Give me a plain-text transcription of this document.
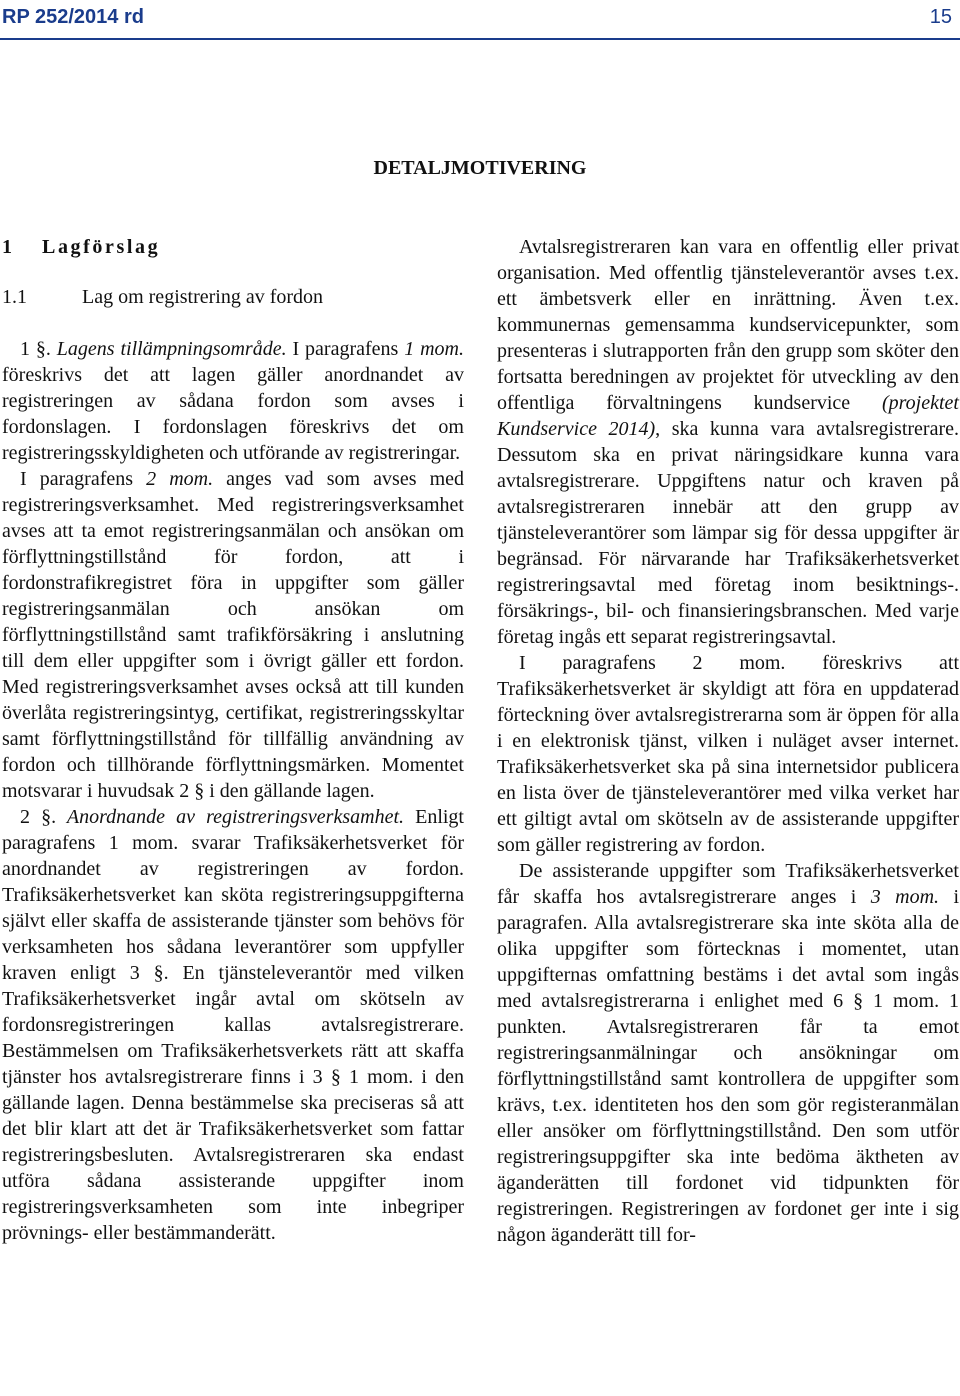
RP 252/2014 rd	15
DETALJMOTIVERING
1 Lagförslag
1.1	Lag om registrering av fordon

1 §. Lagens tillämpningsområde. I paragrafens 1 mom. föreskrivs det att lagen gäller anordnandet av registreringen av sådana fordon som avses i fordonslagen. I fordonslagen föreskrivs det om registreringsskyldigheten och utförande av registreringar.

I paragrafens 2 mom. anges vad som avses med registreringsverksamhet. Med registreringsverksamhet avses att ta emot registreringsanmälan och ansökan om förflyttningstillstånd för fordon, att i fordonstrafikregistret föra in uppgifter som gäller registreringsanmälan och ansökan om förflyttningstillstånd samt trafikförsäkring i anslutning till dem eller uppgifter som i övrigt gäller ett fordon. Med registreringsverksamhet avses också att till kunden överlåta registreringsintyg, certifikat, registreringsskyltar samt förflyttningstillstånd för tillfällig användning av fordon och tillhörande förflyttningsmärken. Momentet motsvarar i huvudsak 2 § i den gällande lagen.

2 §. Anordnande av registreringsverksamhet. Enligt paragrafens 1 mom. svarar Trafiksäkerhetsverket för anordnandet av registreringen av fordon. Trafiksäkerhetsverket kan sköta registreringsuppgifterna självt eller skaffa de assisterande tjänster som behövs för verksamheten hos sådana leverantörer som uppfyller kraven enligt 3 §. En tjänsteleverantör med vilken Trafiksäkerhetsverket ingår avtal om skötseln av fordonsregistreringen kallas avtalsregistrerare. Bestämmelsen om Trafiksäkerhetsverkets rätt att skaffa tjänster hos avtalsregistrerare finns i 3 § 1 mom. i den gällande lagen. Denna bestämmelse ska preciseras så att det blir klart att det är Trafiksäkerhetsverket som fattar registreringsbesluten. Avtalsregistreraren ska endast utföra sådana assisterande uppgifter inom registreringsverksamheten som inte inbegriper prövnings- eller bestämmanderätt.

Avtalsregistreraren kan vara en offentlig eller privat organisation. Med offentlig tjänsteleverantör avses t.ex. ett ämbetsverk eller en inrättning. Även t.ex. kommunernas gemensamma kundservicepunkter, som presenteras i slutrapporten från den grupp som sköter den fortsatta beredningen av projektet för utveckling av den offentliga förvaltningens kundservice (projektet Kundservice 2014), ska kunna vara avtalsregistrerare. Dessutom ska en privat näringsidkare kunna vara avtalsregistrerare. Uppgiftens natur och kraven på avtalsregistreraren innebär att den grupp av tjänsteleverantörer som lämpar sig för dessa uppgifter är begränsad. För närvarande har Trafiksäkerhetsverket registreringsavtal med företag inom besiktnings-. försäkrings-, bil- och finansieringsbranschen. Med varje företag ingås ett separat registreringsavtal.

I paragrafens 2 mom. föreskrivs att Trafiksäkerhetsverket är skyldigt att föra en uppdaterad förteckning över avtalsregistrerarna som är öppen för alla i en elektronisk tjänst, vilken i nuläget avser internet. Trafiksäkerhetsverket ska på sina internetsidor publicera en lista över de tjänsteleverantörer med vilka verket har ett giltigt avtal om skötseln av de assisterande uppgifter som gäller registrering av fordon.

De assisterande uppgifter som Trafiksäkerhetsverket får skaffa hos avtalsregistrerare anges i 3 mom. i paragrafen. Alla avtalsregistrerare ska inte sköta alla de olika uppgifter som förtecknas i momentet, utan uppgifternas omfattning bestäms i det avtal som ingås med avtalsregistrerarna i enlighet med 6 § 1 mom. 1 punkten. Avtalsregistreraren får ta emot registreringsanmälningar och ansökningar om förflyttningstillstånd samt kontrollera de uppgifter som krävs, t.ex. identiteten hos den som gör registeranmälan eller ansöker om förflyttningstillstånd. Den som utför registreringsuppgifter ska inte bedöma äktheten av äganderätten till fordonet vid tidpunkten för registreringen. Registreringen av fordonet ger inte i sig någon äganderätt till for-
